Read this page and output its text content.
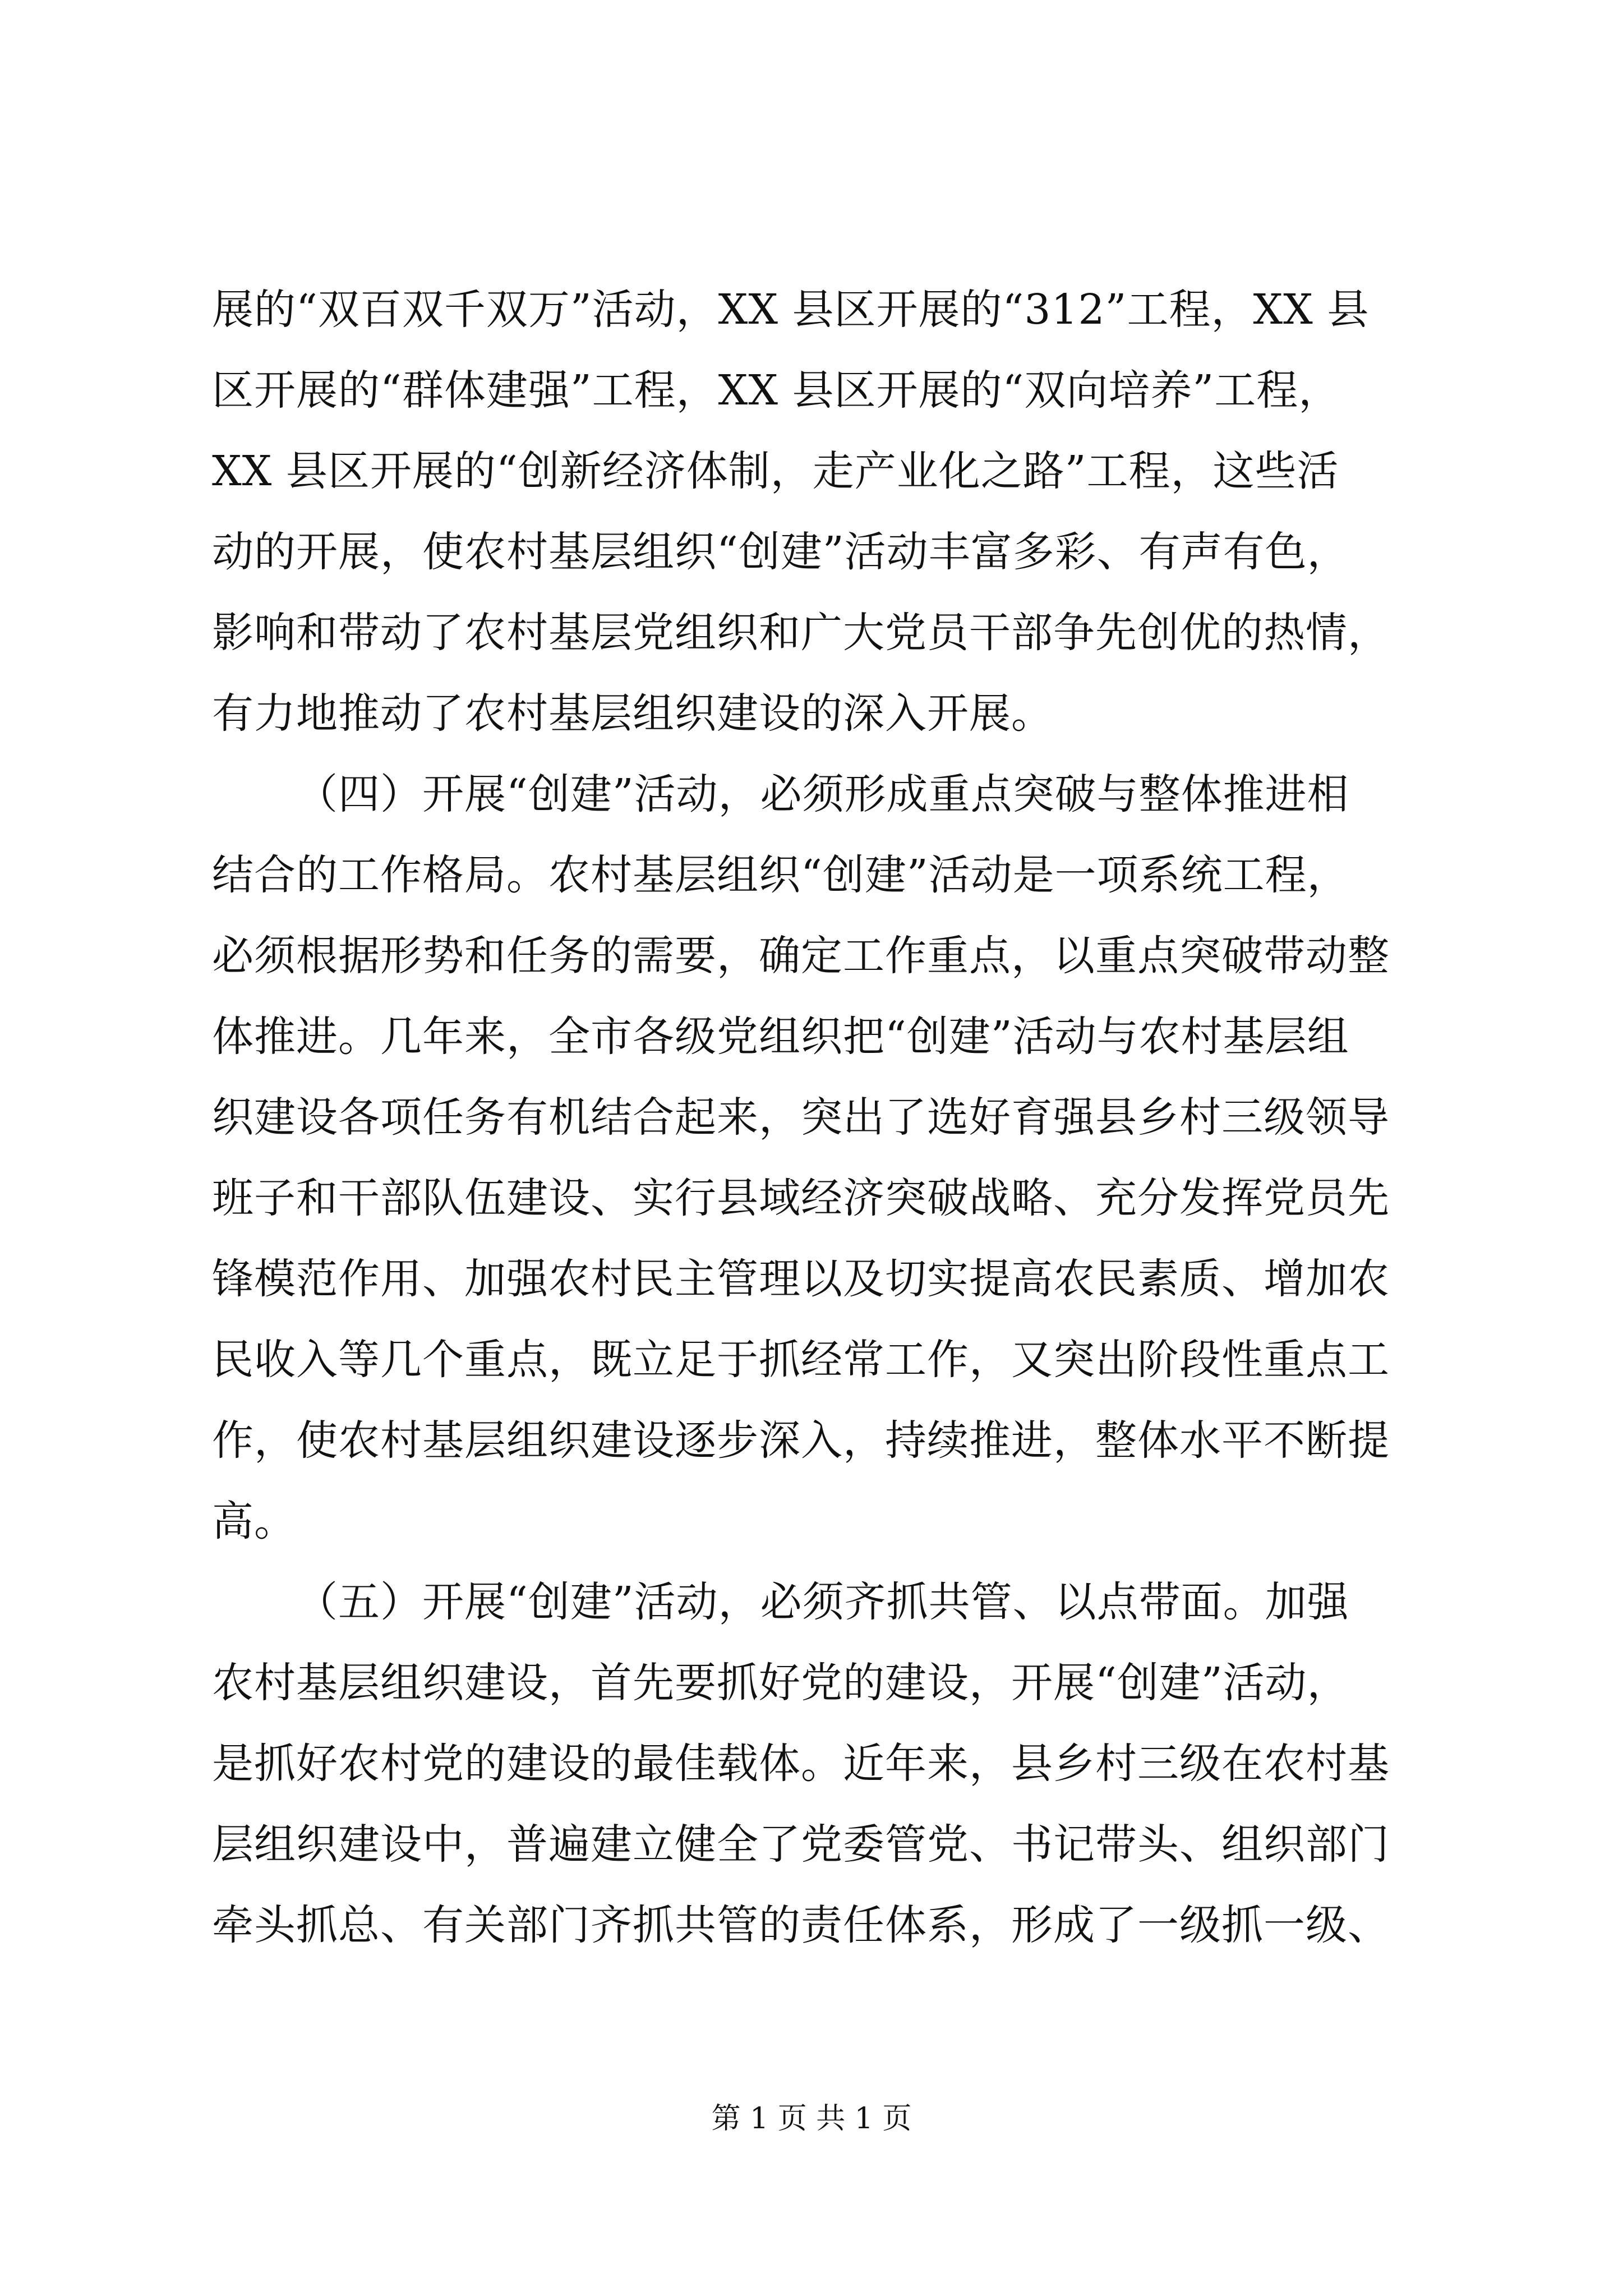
展的“双百双千双万”活动，XX 县区开展的“312”工程，XX 县
区开展的“群体建强”工程，XX 县区开展的“双向培养”工程，
XX 县区开展的“创新经济体制，走产业化之路”工程，这些活
动的开展，使农村基层组织“创建”活动丰富多彩、有声有色，
影响和带动了农村基层党组织和广大党员干部争先创优的热情，
有力地推动了农村基层组织建设的深入开展。
（四）开展“创建”活动，必须形成重点突破与整体推进相
结合的工作格局。农村基层组织“创建”活动是一项系统工程，
必须根据形势和任务的需要，确定工作重点，以重点突破带动整
体推进。几年来，全市各级党组织把“创建”活动与农村基层组
织建设各项任务有机结合起来，突出了选好育强县乡村三级领导
班子和干部队伍建设、实行县域经济突破战略、充分发挥党员先
锋模范作用、加强农村民主管理以及切实提高农民素质、增加农
民收入等几个重点，既立足于抓经常工作，又突出阶段性重点工
作，使农村基层组织建设逐步深入，持续推进，整体水平不断提
高。
（五）开展“创建”活动，必须齐抓共管、以点带面。加强
农村基层组织建设，首先要抓好党的建设，开展“创建”活动，
是抓好农村党的建设的最佳载体。近年来，县乡村三级在农村基
层组织建设中，普遍建立健全了党委管党、书记带头、组织部门
牵头抓总、有关部门齐抓共管的责任体系，形成了一级抓一级、
第 1 页 共 1 页
